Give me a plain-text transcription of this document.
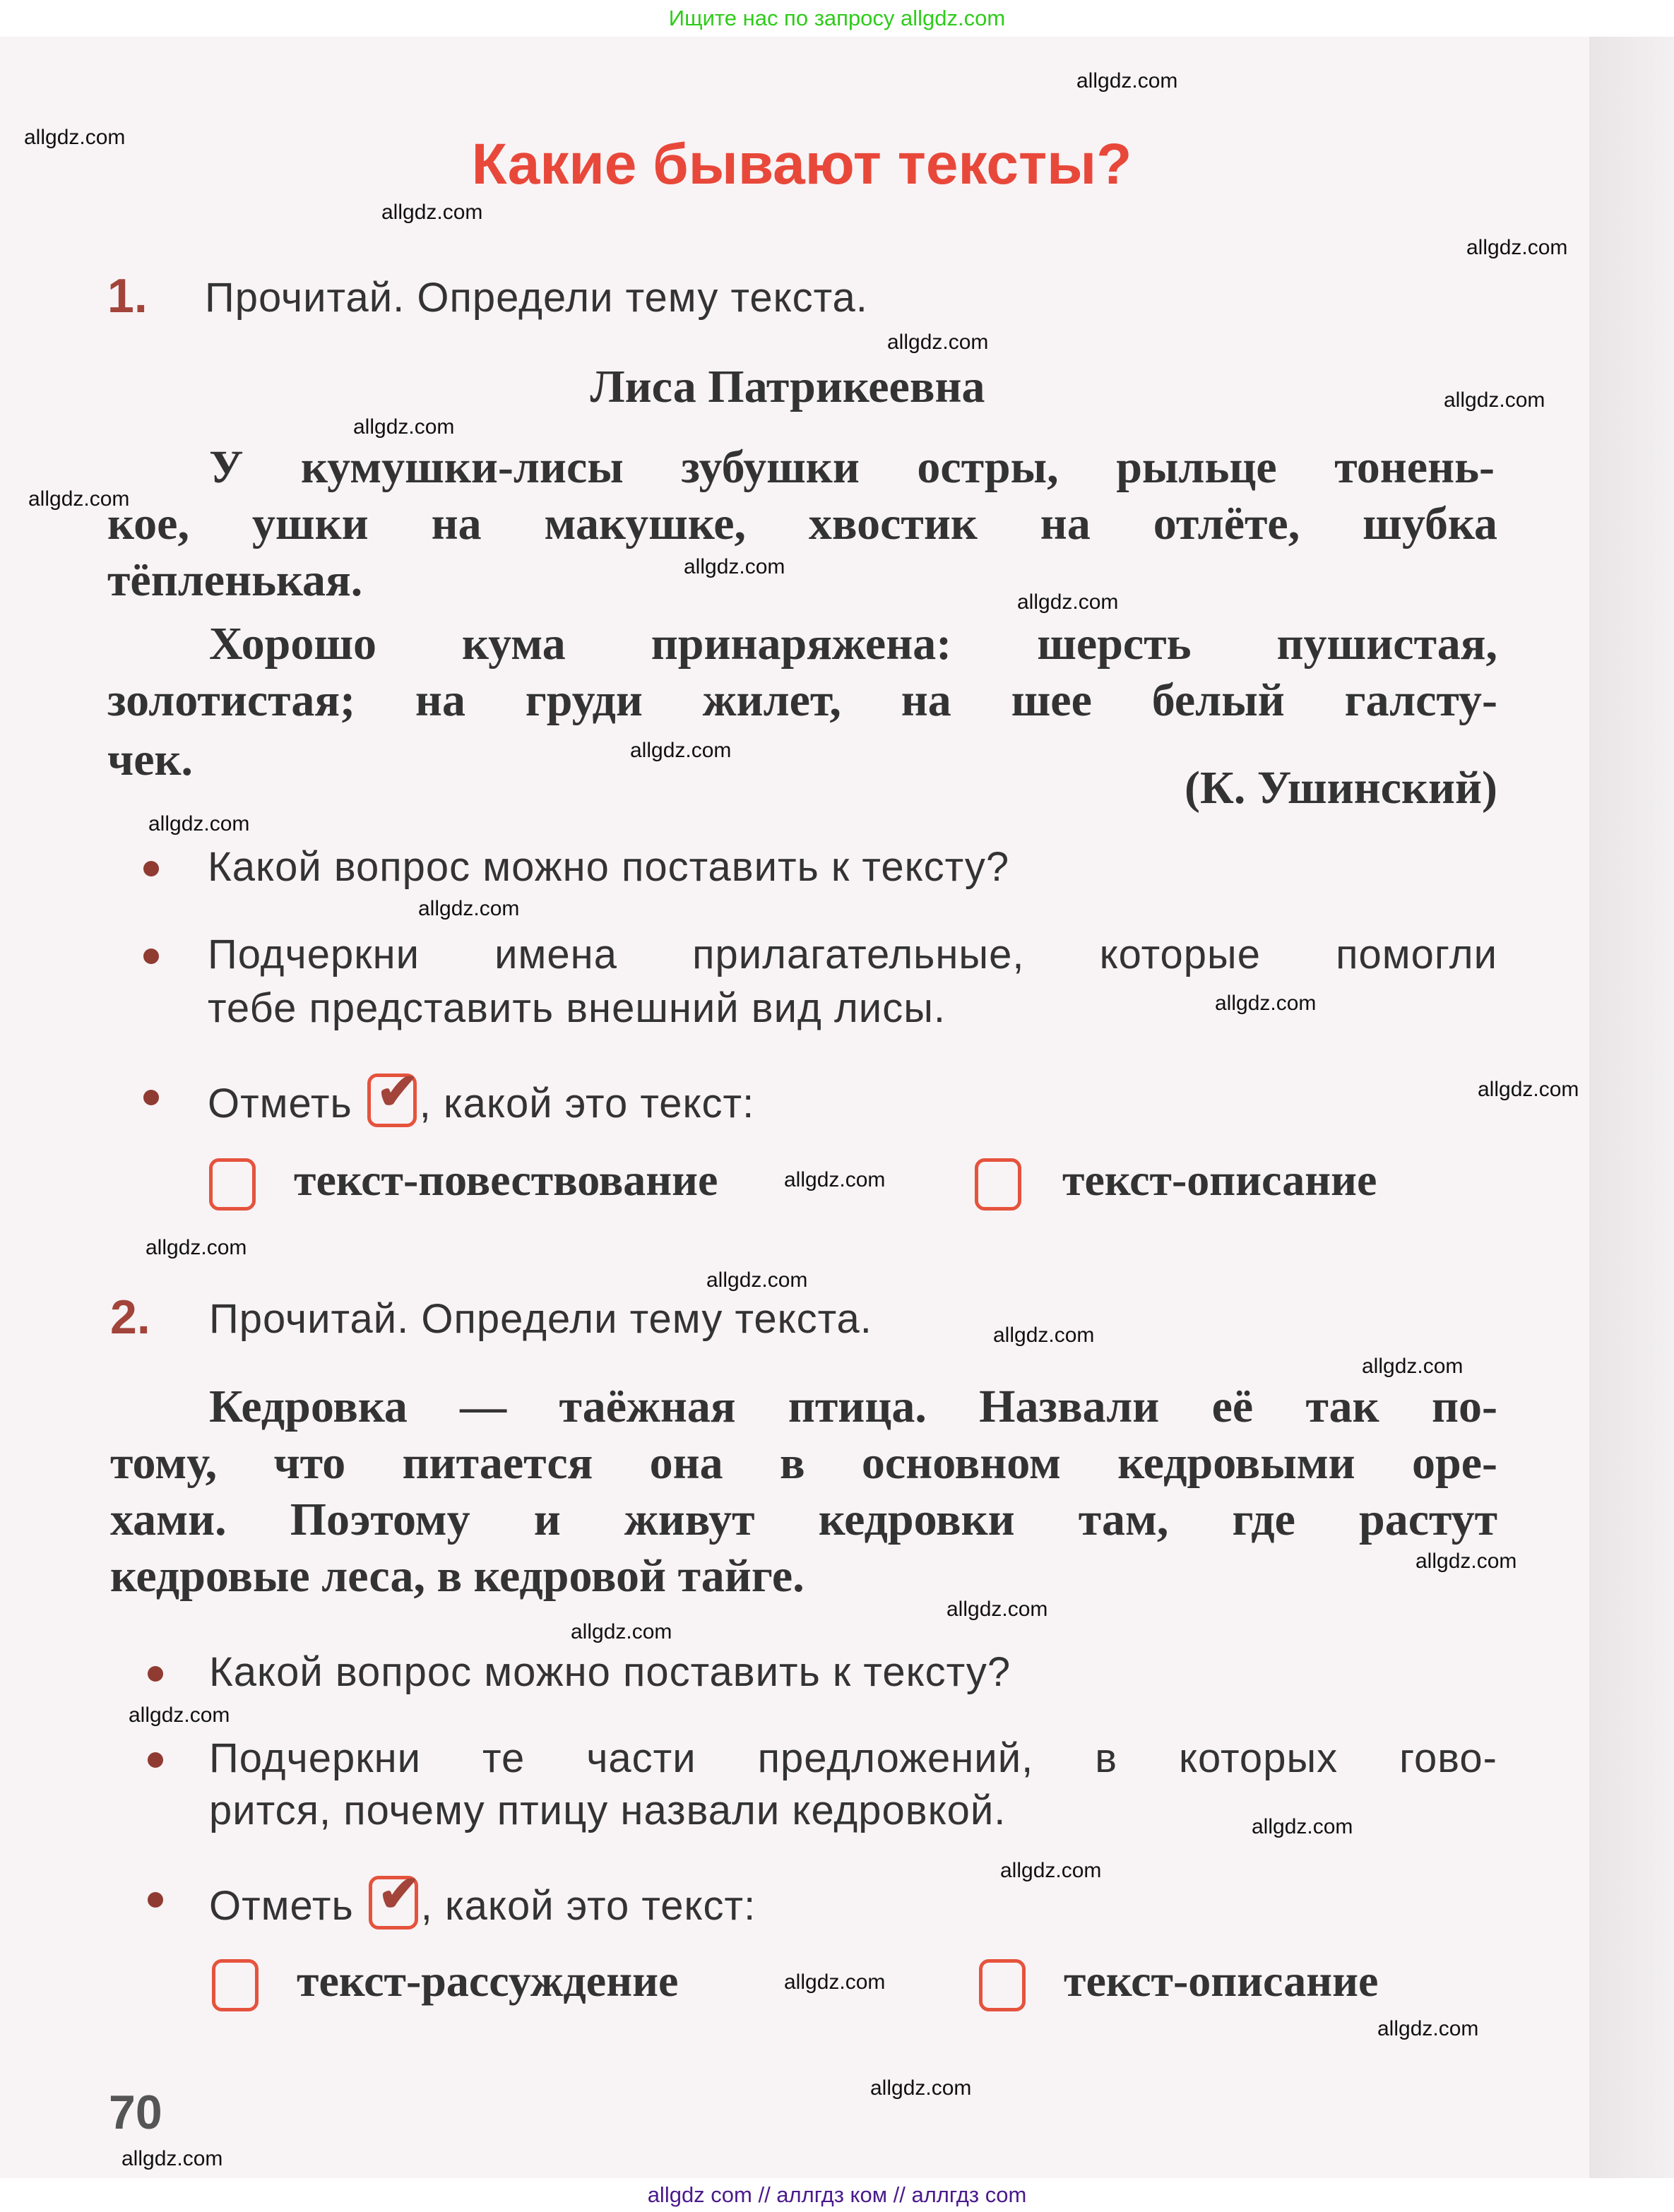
Ищите нас по запросу allgdz.com
Какие бывают тексты?
1. Прочитай. Определи тему текста.
Лиса Патрикеевна
У кумушки-лисы зубушки остры, рыльце тонень-
кое, ушки на макушке, хвостик на отлёте, шубка
тёпленькая.
Хорошо кума принаряжена: шерсть пушистая,
золотистая; на груди жилет, на шее белый галсту-
чек.
(К. Ушинский)
Какой вопрос можно поставить к тексту?
Подчеркни имена прилагательные, которые помогли
тебе представить внешний вид лисы.
Отметь ✔ , какой это текст:
текст-повествование	текст-описание
2. Прочитай. Определи тему текста.
Кедровка — таёжная птица. Назвали её так по-
тому, что питается она в основном кедровыми оре-
хами. Поэтому и живут кедровки там, где растут
кедровые леса, в кедровой тайге.
Какой вопрос можно поставить к тексту?
Подчеркни те части предложений, в которых гово-
рится, почему птицу назвали кедровкой.
Отметь ✔ , какой это текст:
текст-рассуждение	текст-описание
70
allgdz.com
allgdz.com
allgdz.com
allgdz.com
allgdz.com
allgdz.com
allgdz.com
allgdz.com
allgdz.com
allgdz.com
allgdz.com
allgdz.com
allgdz.com
allgdz.com
allgdz.com
allgdz.com
allgdz.com
allgdz.com
allgdz.com
allgdz.com
allgdz.com
allgdz.com
allgdz.com
allgdz.com
allgdz.com
allgdz.com
allgdz.com
allgdz.com
allgdz.com
allgdz.com
allgdz com // аллгдз ком // аллгдз com
